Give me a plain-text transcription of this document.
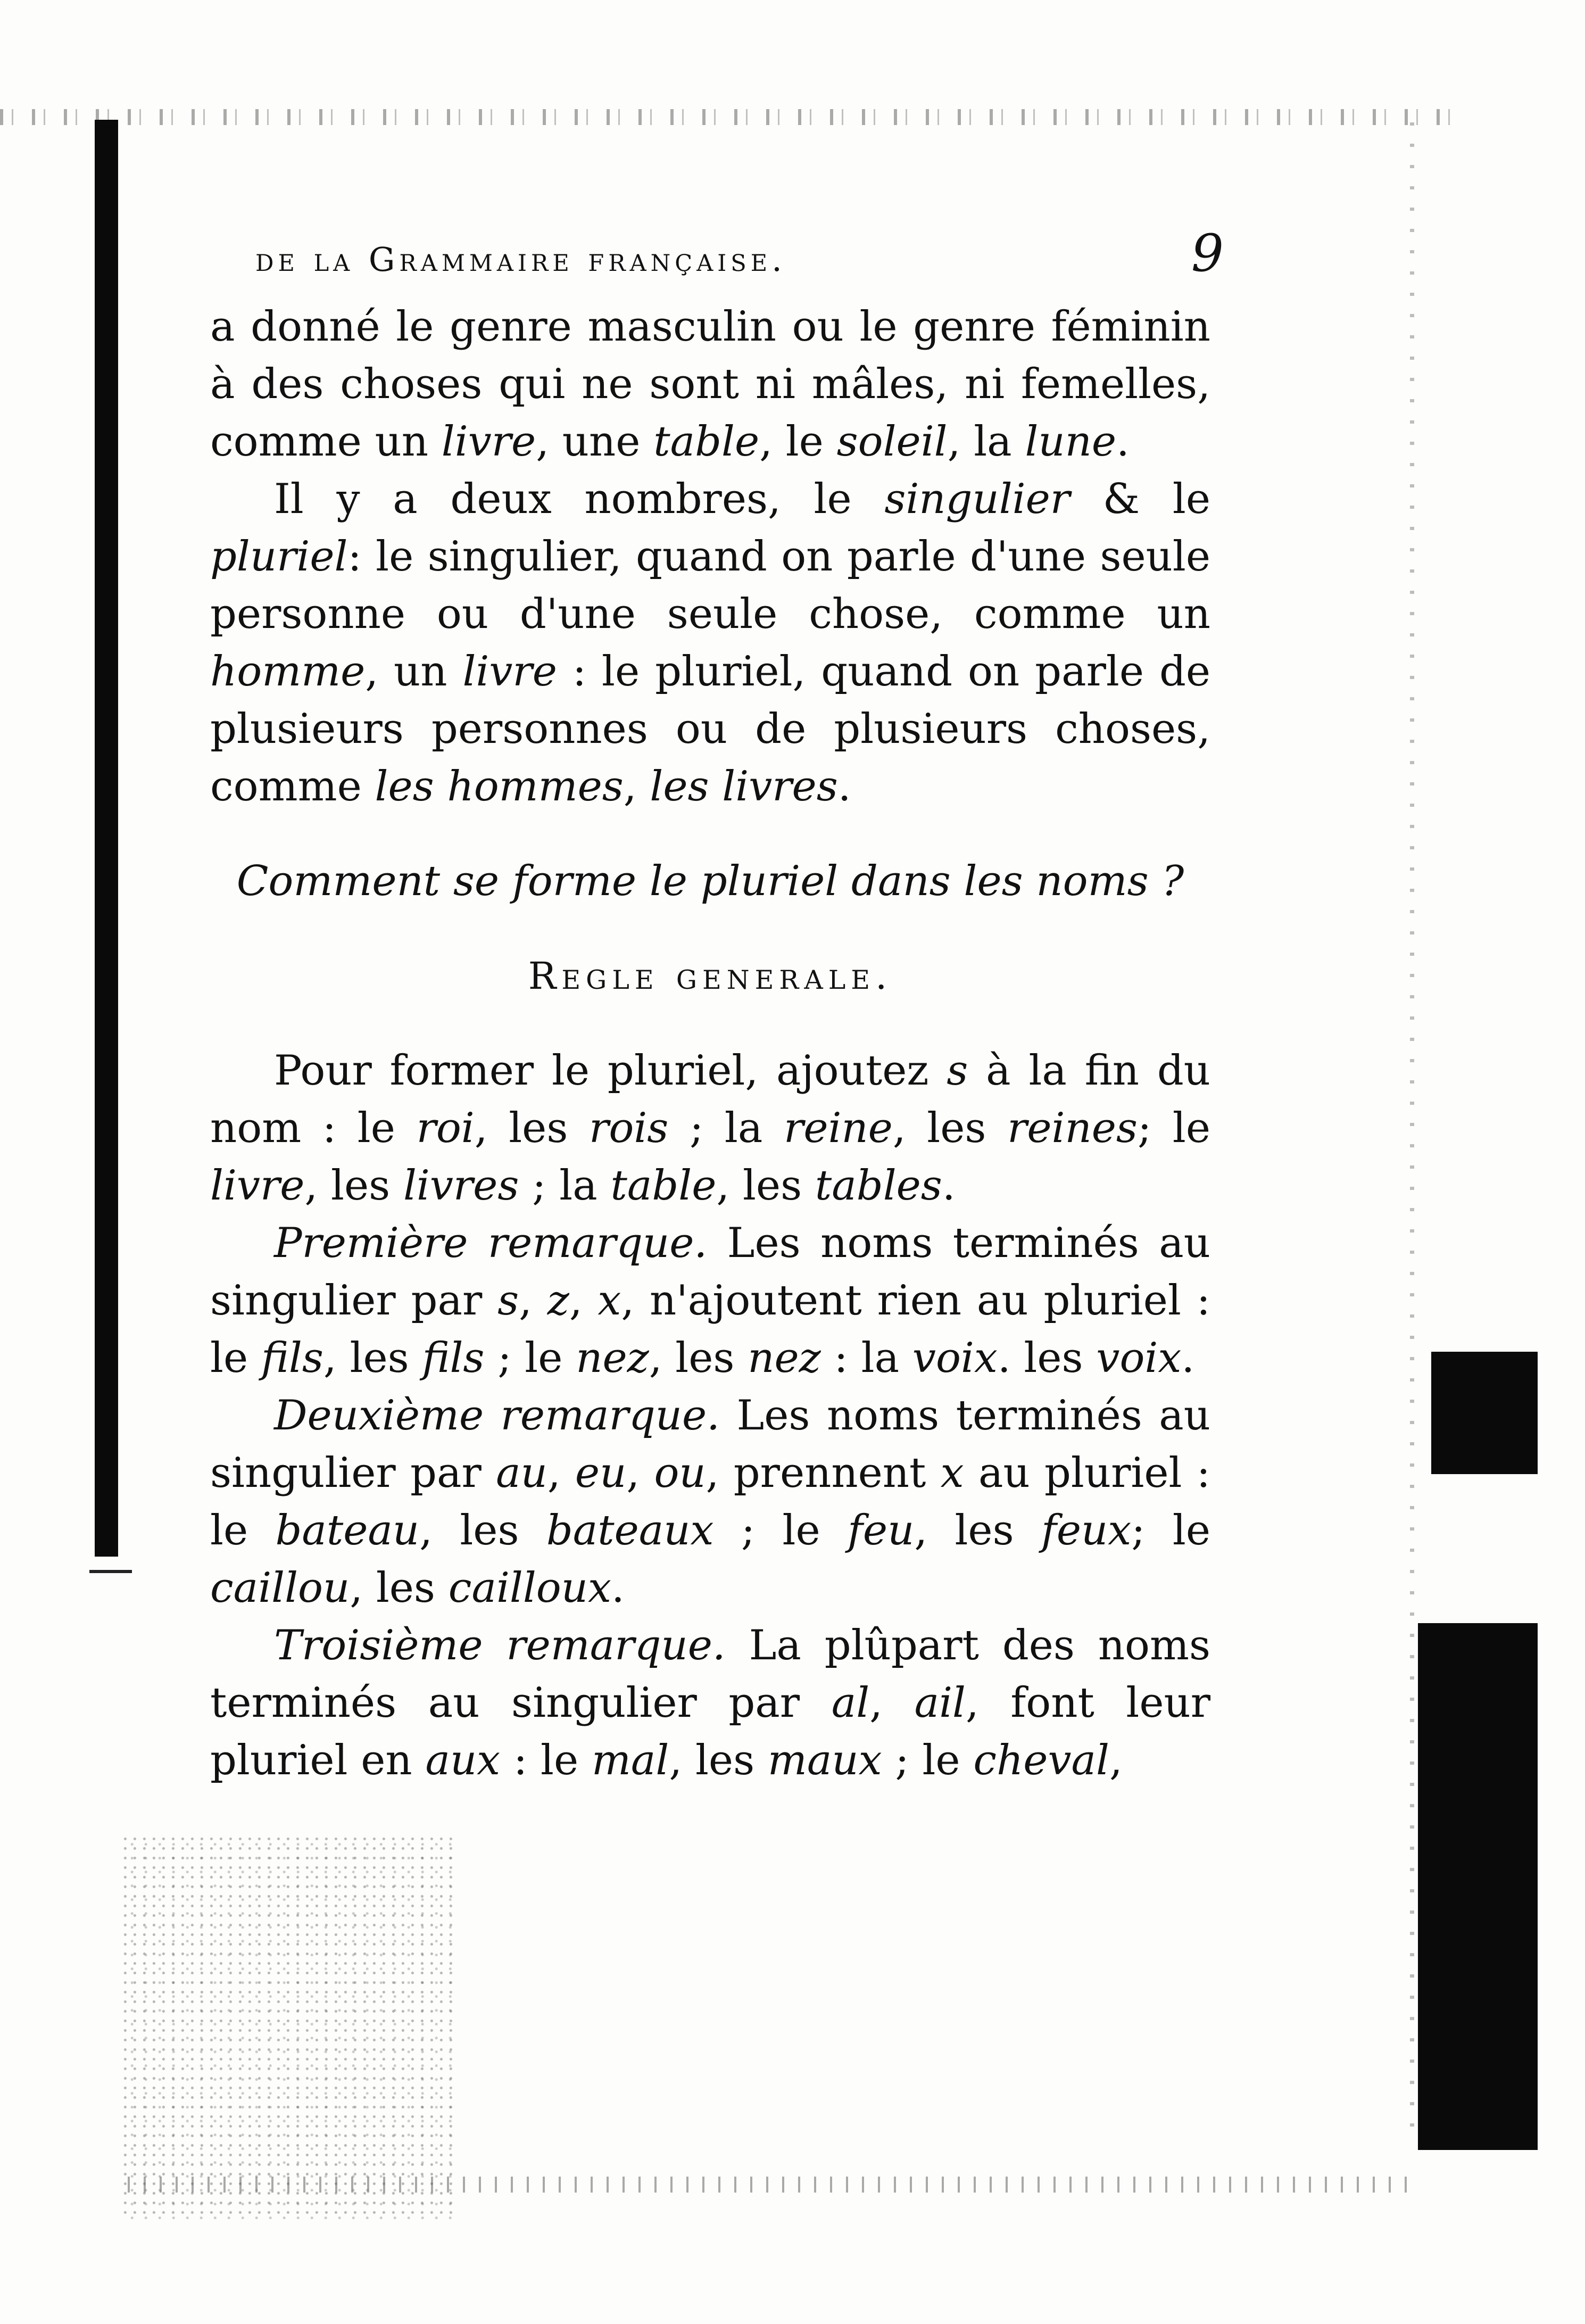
de la Grammaire française.	9

a donné le genre masculin ou le genre féminin à des choses qui ne sont ni mâles, ni femelles, comme un livre, une table, le soleil, la lune.

Il y a deux nombres, le singulier & le pluriel: le singulier, quand on parle d'une seule personne ou d'une seule chose, comme un homme, un livre : le pluriel, quand on parle de plusieurs personnes ou de plusieurs choses, comme les hommes, les livres.

Comment se forme le pluriel dans les noms ?

Regle generale.

Pour former le pluriel, ajoutez s à la fin du nom : le roi, les rois ; la reine, les reines; le livre, les livres ; la table, les tables.

Première remarque. Les noms terminés au singulier par s, z, x, n'ajoutent rien au pluriel : le fils, les fils ; le nez, les nez : la voix. les voix.

Deuxième remarque. Les noms terminés au singulier par au, eu, ou, prennent x au pluriel : le bateau, les bateaux ; le feu, les feux; le caillou, les cailloux.

Troisième remarque. La plûpart des noms terminés au singulier par al, ail, font leur pluriel en aux : le mal, les maux ; le cheval,
